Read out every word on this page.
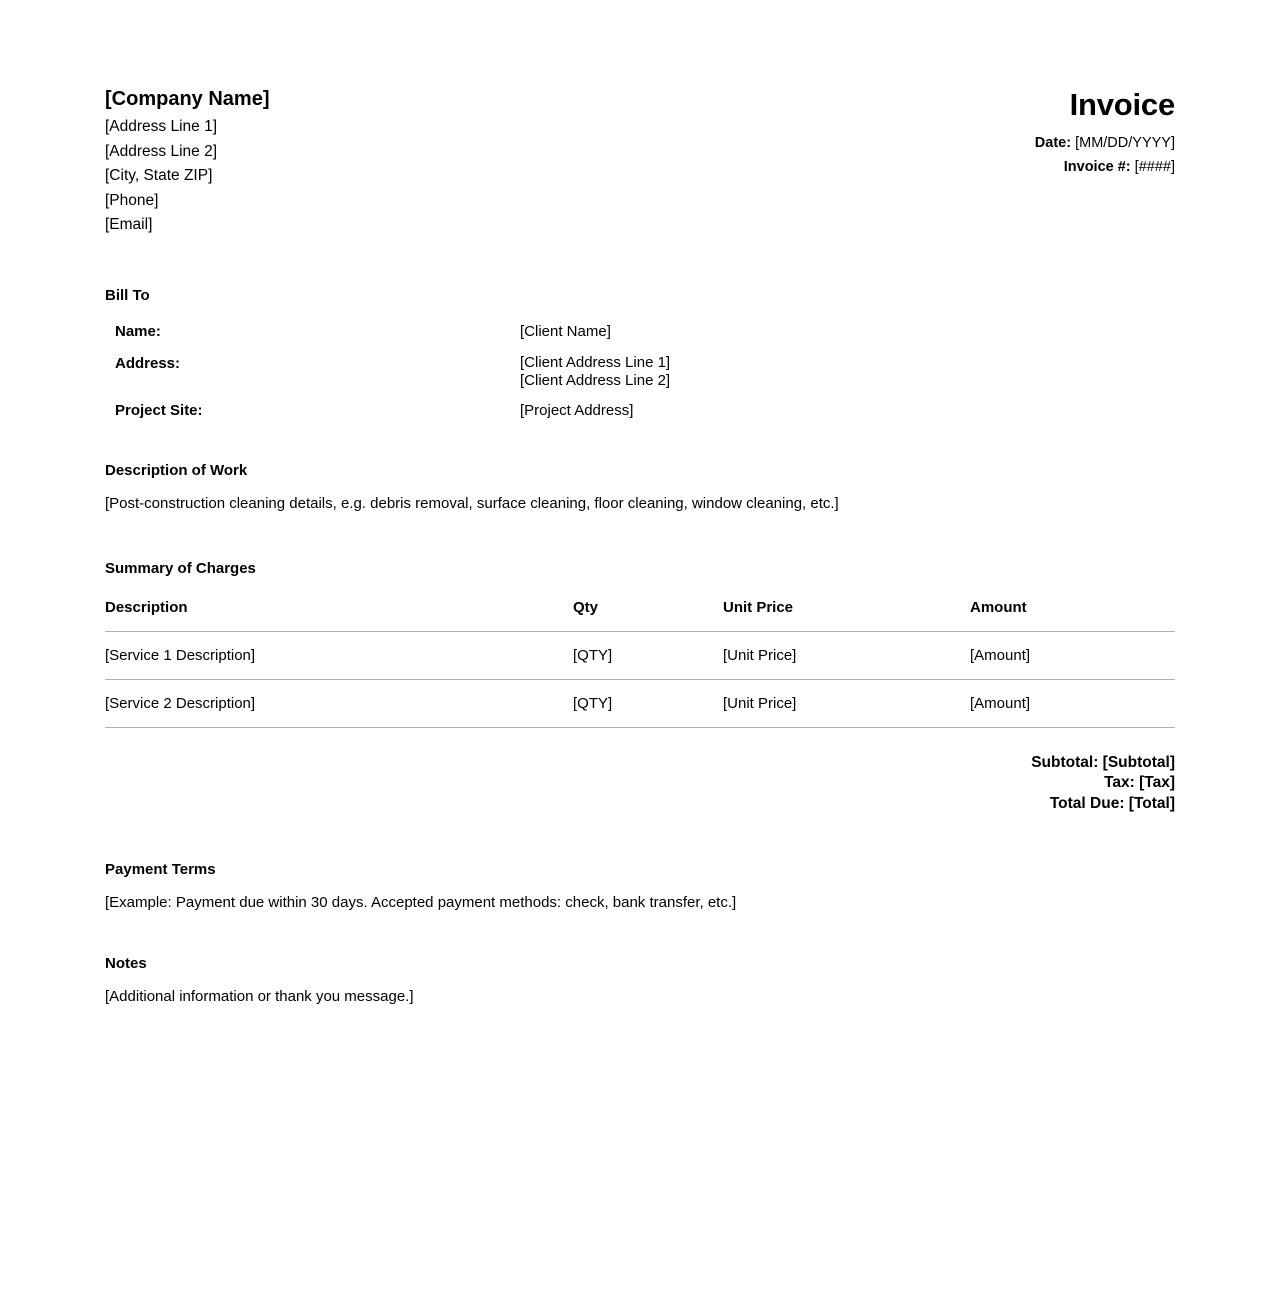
[Company Name]
[Address Line 1]
[Address Line 2]
[City, State ZIP]
[Phone]
[Email]
Invoice
Date: [MM/DD/YYYY]
Invoice #: [####]
Bill To
Name:	[Client Name]
Address:	[Client Address Line 1]
[Client Address Line 2]

Project Site:	[Project Address]
Description of Work
[Post-construction cleaning details, e.g. debris removal, surface cleaning, floor cleaning, window cleaning, etc.]
Summary of Charges
Description	Qty	Unit Price	Amount
[Service 1 Description]	[QTY]	[Unit Price]	[Amount]
[Service 2 Description]	[QTY]	[Unit Price]	[Amount]
Subtotal: [Subtotal]
Tax: [Tax]
Total Due: [Total]
Payment Terms
[Example: Payment due within 30 days. Accepted payment methods: check, bank transfer, etc.]
Notes
[Additional information or thank you message.]
